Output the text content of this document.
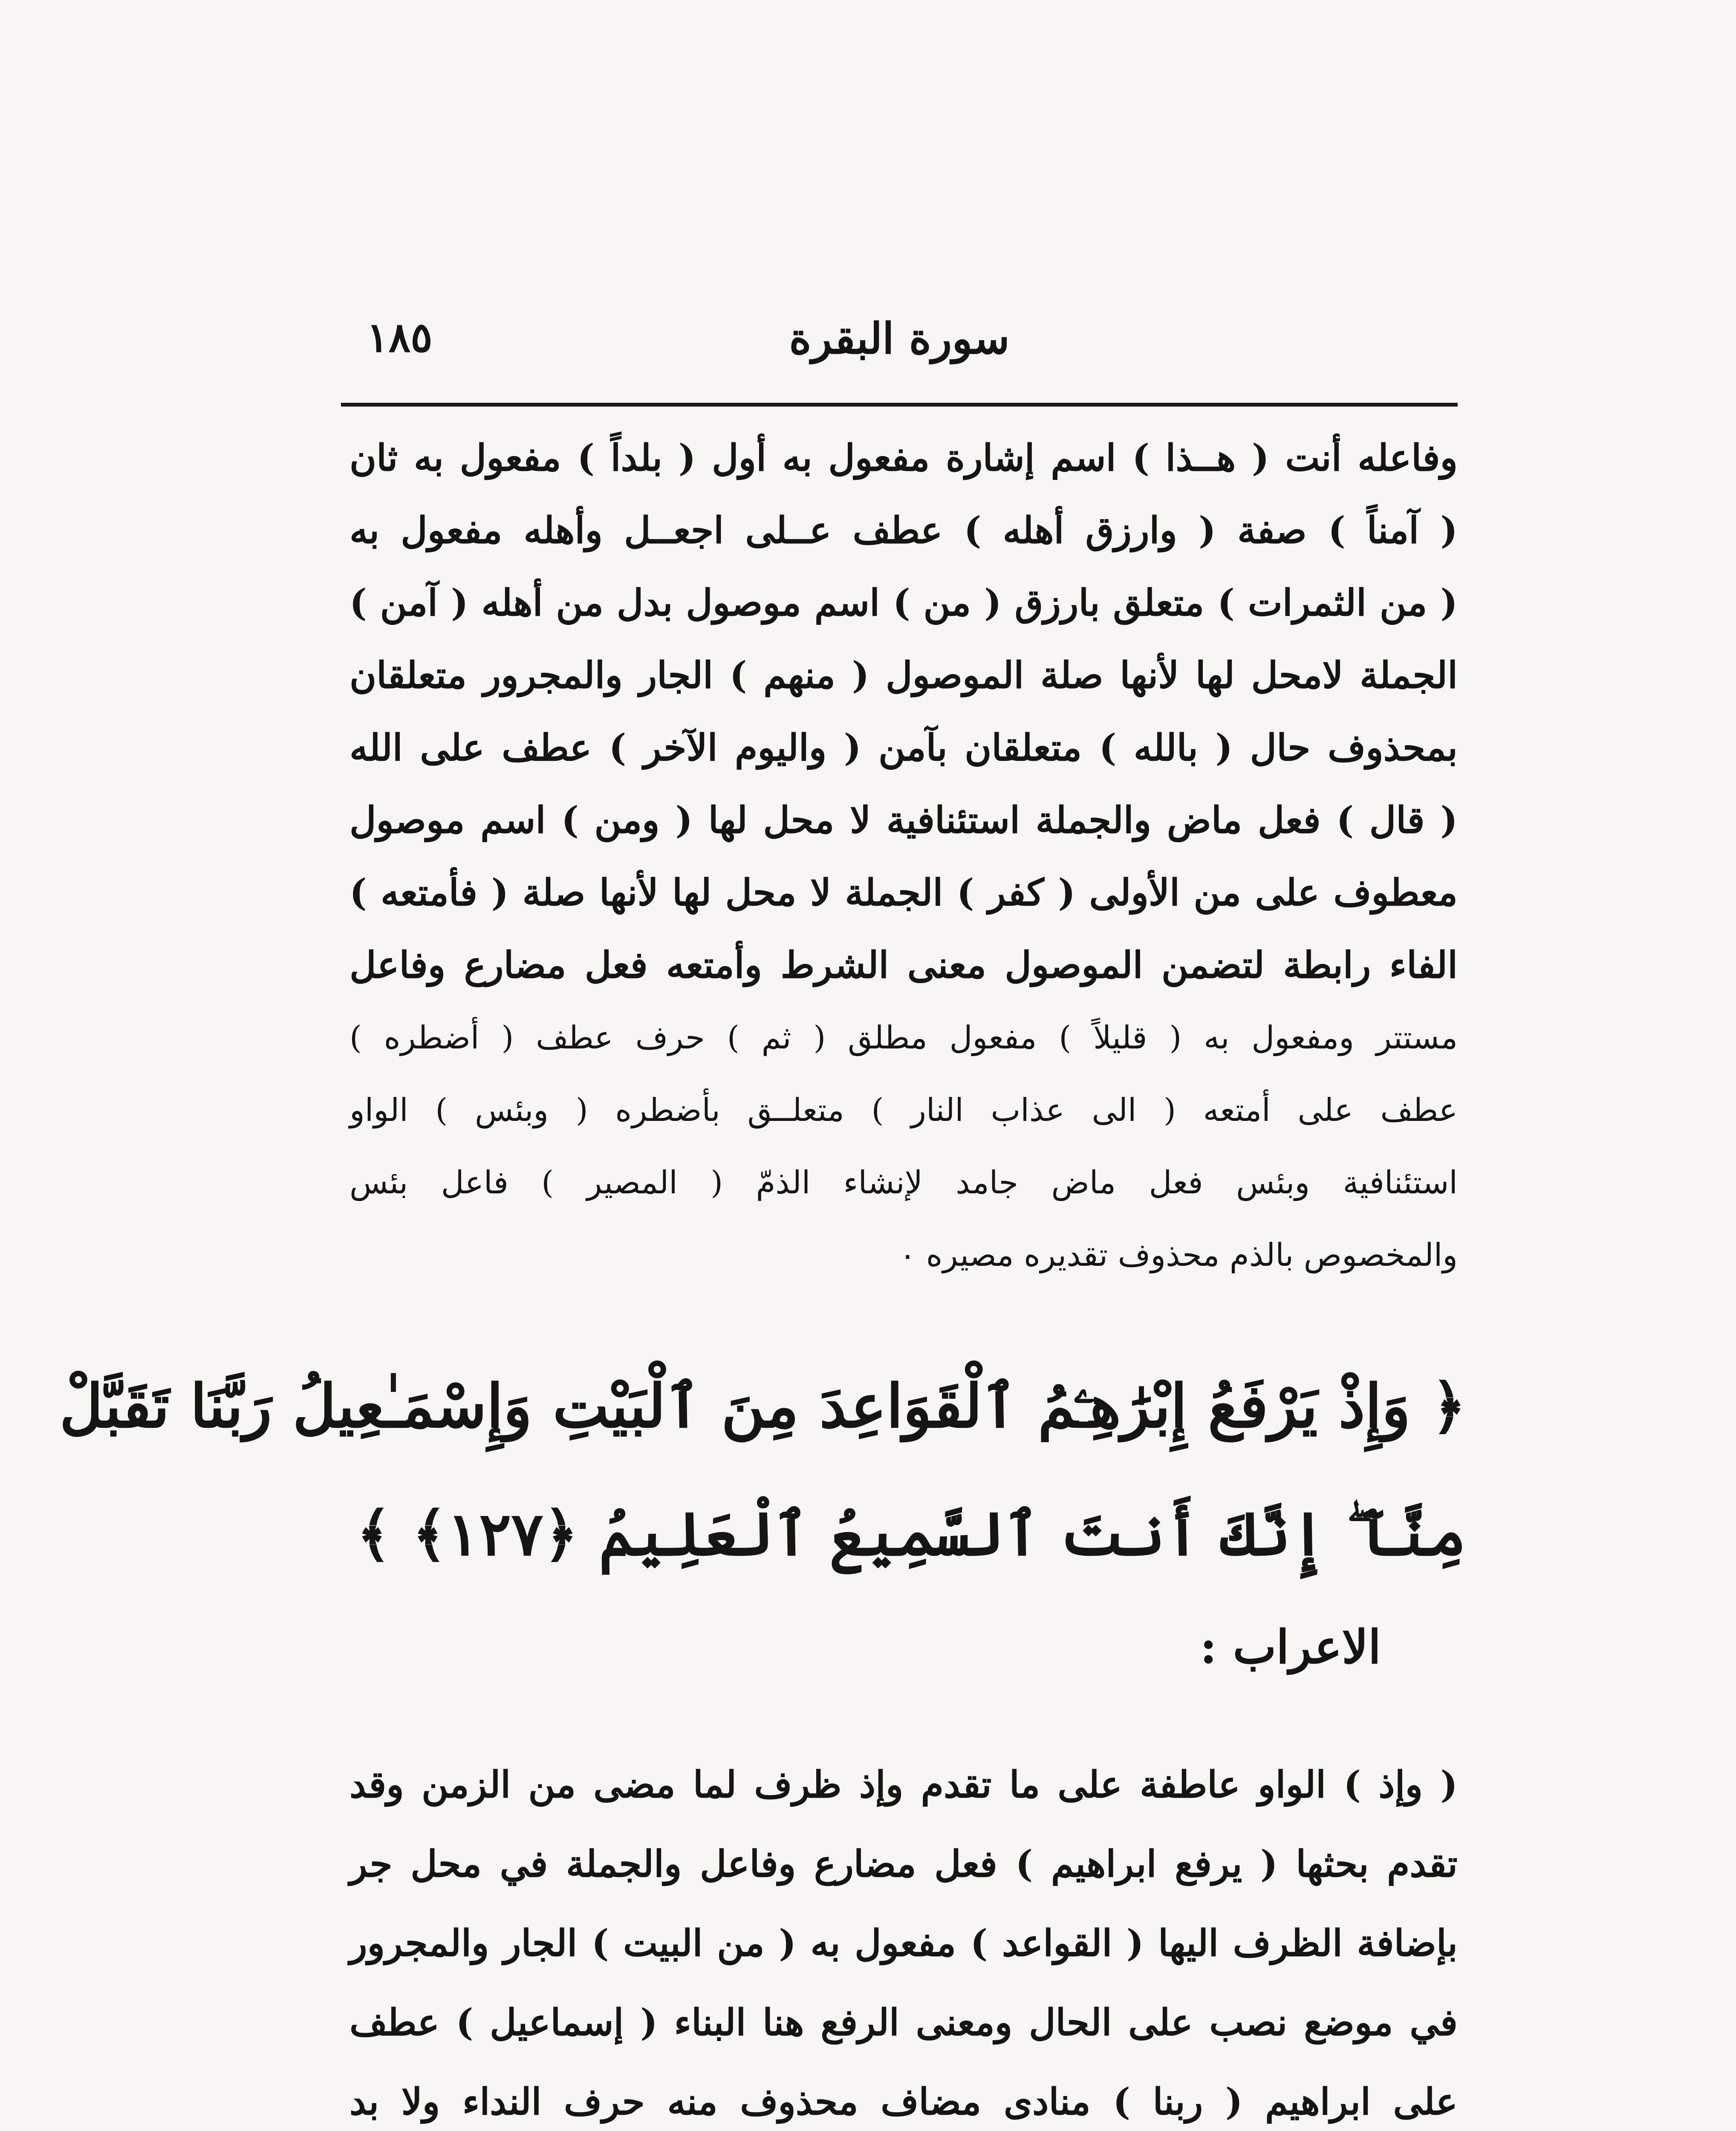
١٨٥	سورة البقرة
وفاعله أنت ( هــذا ) اسم إشارة مفعول به أول ( بلداً ) مفعول به ثان
( آمناً ) صفة ( وارزق أهله ) عطف عــلى اجعــل وأهله مفعول به
( من الثمرات ) متعلق بارزق ( من ) اسم موصول بدل من أهله ( آمن )
الجملة لامحل لها لأنها صلة الموصول ( منهم ) الجار والمجرور متعلقان
بمحذوف حال ( بالله ) متعلقان بآمن ( واليوم الآخر ) عطف على الله
( قال ) فعل ماض والجملة استئنافية لا محل لها ( ومن ) اسم موصول
معطوف على من الأولى ( كفر ) الجملة لا محل لها لأنها صلة ( فأمتعه )
الفاء رابطة لتضمن الموصول معنى الشرط وأمتعه فعل مضارع وفاعل
مستتر ومفعول به ( قليلاً ) مفعول مطلق ( ثم ) حرف عطف ( أضطره )
عطف على أمتعه ( الى عذاب النار ) متعلــق بأضطره ( وبئس ) الواو
استئنافية وبئس فعل ماض جامد لإنشاء الذمّ ( المصير ) فاعل بئس
والمخصوص بالذم محذوف تقديره مصيره ٠
﴿ وَإِذْ يَرْفَعُ إِبْرَٰهِـۧمُ ٱلْقَوَاعِدَ مِنَ ٱلْبَيْتِ وَإِسْمَـٰعِيلُ رَبَّنَا تَقَبَّلْ
مِنَّآ ۖ إِنَّكَ أَنتَ ٱلسَّمِيعُ ٱلْعَلِيمُ ﴿١٢٧﴾ ﴾
الاعراب :
( وإذ ) الواو عاطفة على ما تقدم وإذ ظرف لما مضى من الزمن وقد
تقدم بحثها ( يرفع ابراهيم ) فعل مضارع وفاعل والجملة في محل جر
بإضافة الظرف اليها ( القواعد ) مفعول به ( من البيت ) الجار والمجرور
في موضع نصب على الحال ومعنى الرفع هنا البناء ( إسماعيل ) عطف
على ابراهيم ( ربنا ) منادى مضاف محذوف منه حرف النداء ولا بد
